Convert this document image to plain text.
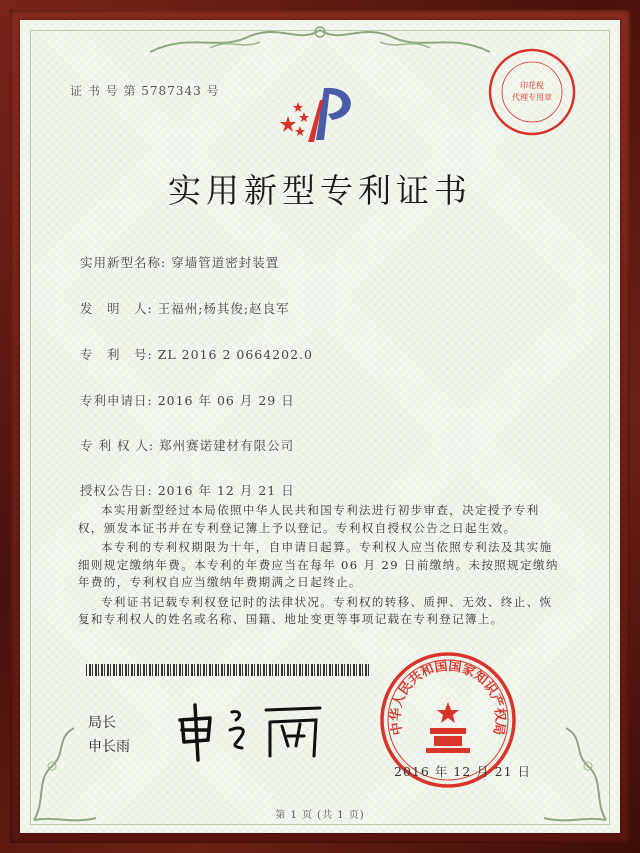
证 书 号 第 5787343 号	印花税
代理专用章
实用新型专利证书
实用新型名称: 穿墙管道密封装置
发　明　人: 王福州;杨其俊;赵良军
专　利　号: ZL 2016 2 0664202.0
专利申请日: 2016 年 06 月 29 日
专 利 权 人: 郑州赛诺建材有限公司
授权公告日: 2016 年 12 月 21 日

本实用新型经过本局依照中华人民共和国专利法进行初步审查，决定授予专利权，颁发本证书并在专利登记簿上予以登记。专利权自授权公告之日起生效。

本专利的专利权期限为十年，自申请日起算。专利权人应当依照专利法及其实施细则规定缴纳年费。本专利的年费应当在每年 06 月 29 日前缴纳。未按照规定缴纳年费的，专利权自应当缴纳年费期满之日起终止。

专利证书记载专利权登记时的法律状况。专利权的转移、质押、无效、终止、恢复和专利权人的姓名或名称、国籍、地址变更等事项记载在专利登记簿上。

局长
申长雨
中华人民共和国国家知识产权局
2016 年 12 月 21 日
第 1 页 (共 1 页)
